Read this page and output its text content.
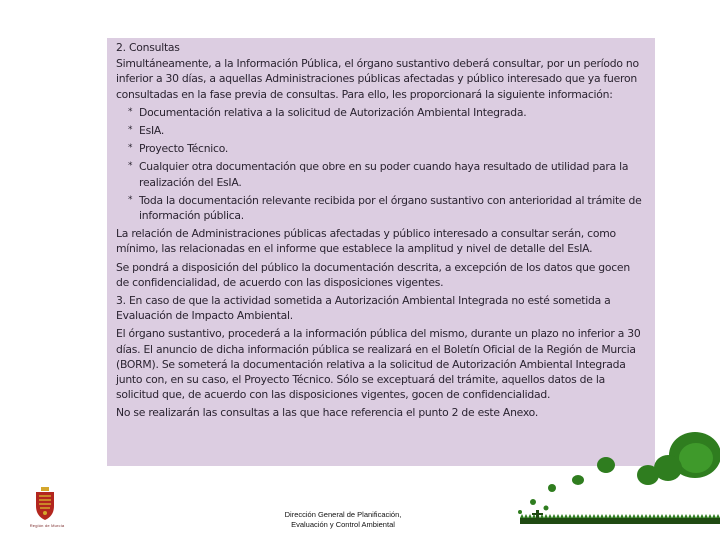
2. Consultas

Simultáneamente, a la Información Pública, el órgano sustantivo deberá consultar, por un período no inferior a 30 días, a aquellas Administraciones públicas afectadas y público interesado que ya fueron consultadas en la fase previa de consultas. Para ello, les proporcionará la siguiente información:

* Documentación relativa a la solicitud de Autorización Ambiental Integrada.
* EsIA.
* Proyecto Técnico.
* Cualquier otra documentación que obre en su poder cuando haya resultado de utilidad para la realización del EsIA.
* Toda la documentación relevante recibida por el órgano sustantivo con anterioridad al trámite de información pública.

La relación de Administraciones públicas afectadas y público interesado a consultar serán, como mínimo, las relacionadas en el informe que establece la amplitud y nivel de detalle del EsIA.

Se pondrá a disposición del público la documentación descrita, a excepción de los datos que gocen de confidencialidad, de acuerdo con las disposiciones vigentes.

3. En caso de que la actividad sometida a Autorización Ambiental Integrada no esté sometida a Evaluación de Impacto Ambiental.

El órgano sustantivo, procederá a la información pública del mismo, durante un plazo no inferior a 30 días. El anuncio de dicha información pública se realizará en el Boletín Oficial de la Región de Murcia (BORM). Se someterá la documentación relativa a la solicitud de Autorización Ambiental Integrada junto con, en su caso, el Proyecto Técnico. Sólo se exceptuará del trámite, aquellos datos de la solicitud que, de acuerdo con las disposiciones vigentes, gocen de confidencialidad.

No se realizarán las consultas a las que hace referencia el punto 2 de este Anexo.

Región de Murcia
Dirección General de Planificación,
Evaluación y Control Ambiental
